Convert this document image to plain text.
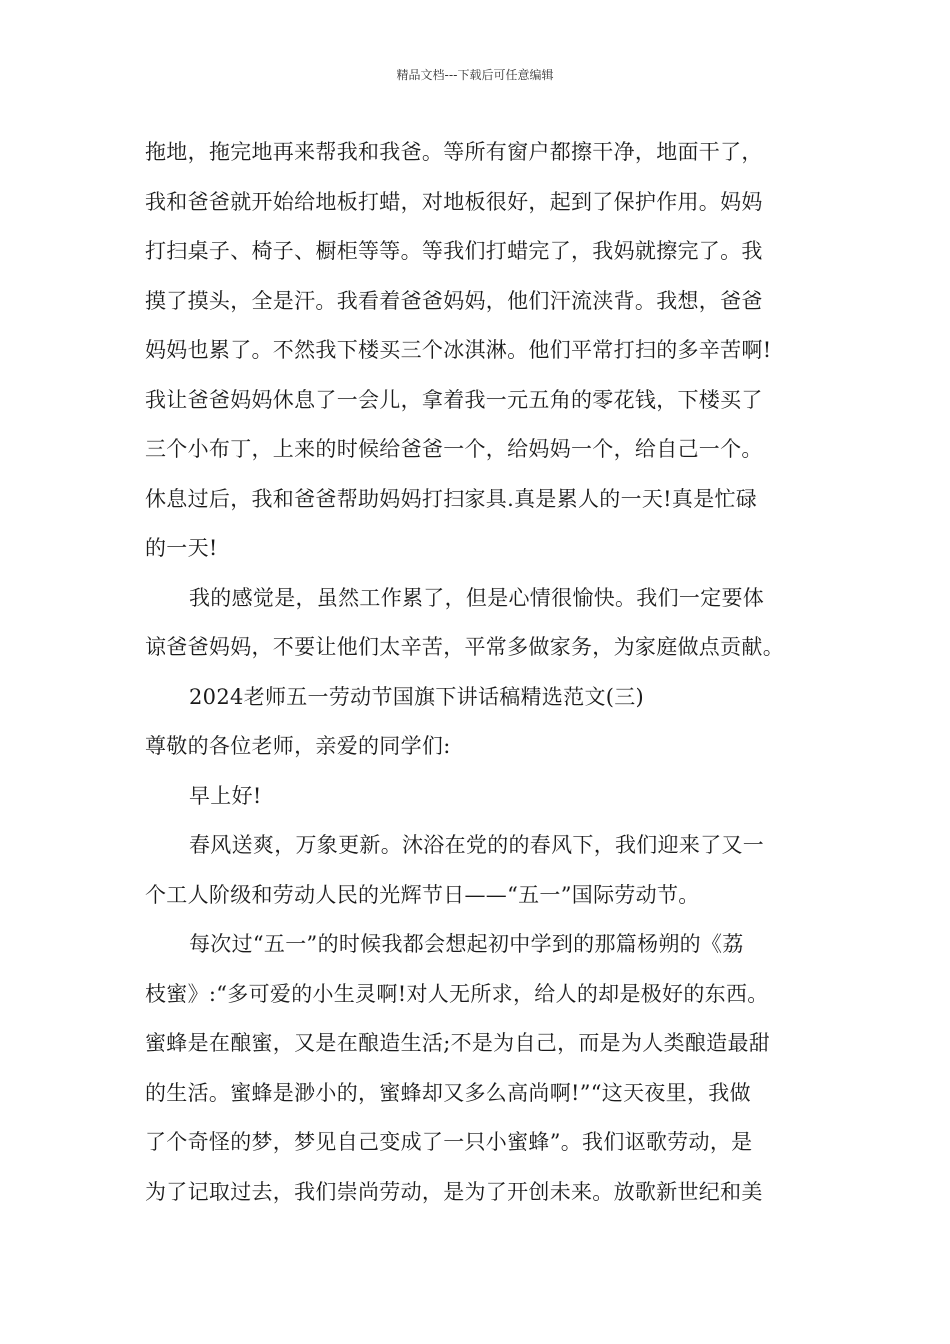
精品文档---下载后可任意编辑
拖地，拖完地再来帮我和我爸。等所有窗户都擦干净，地面干了，
我和爸爸就开始给地板打蜡，对地板很好，起到了保护作用。妈妈
打扫桌子、椅子、橱柜等等。等我们打蜡完了，我妈就擦完了。我
摸了摸头，全是汗。我看着爸爸妈妈，他们汗流浃背。我想，爸爸
妈妈也累了。不然我下楼买三个冰淇淋。他们平常打扫的多辛苦啊!
我让爸爸妈妈休息了一会儿，拿着我一元五角的零花钱，下楼买了
三个小布丁，上来的时候给爸爸一个，给妈妈一个，给自己一个。
休息过后，我和爸爸帮助妈妈打扫家具.真是累人的一天!真是忙碌
的一天!
我的感觉是，虽然工作累了，但是心情很愉快。我们一定要体
谅爸爸妈妈，不要让他们太辛苦，平常多做家务，为家庭做点贡献。
2024老师五一劳动节国旗下讲话稿精选范文(三)
尊敬的各位老师，亲爱的同学们:
早上好!
春风送爽，万象更新。沐浴在党的的春风下，我们迎来了又一
个工人阶级和劳动人民的光辉节日——“五一”国际劳动节。
每次过“五一”的时候我都会想起初中学到的那篇杨朔的《荔
枝蜜》:“多可爱的小生灵啊!对人无所求，给人的却是极好的东西。
蜜蜂是在酿蜜，又是在酿造生活;不是为自己，而是为人类酿造最甜
的生活。蜜蜂是渺小的，蜜蜂却又多么高尚啊!”“这天夜里，我做
了个奇怪的梦，梦见自己变成了一只小蜜蜂”。我们讴歌劳动，是
为了记取过去，我们崇尚劳动，是为了开创未来。放歌新世纪和美
